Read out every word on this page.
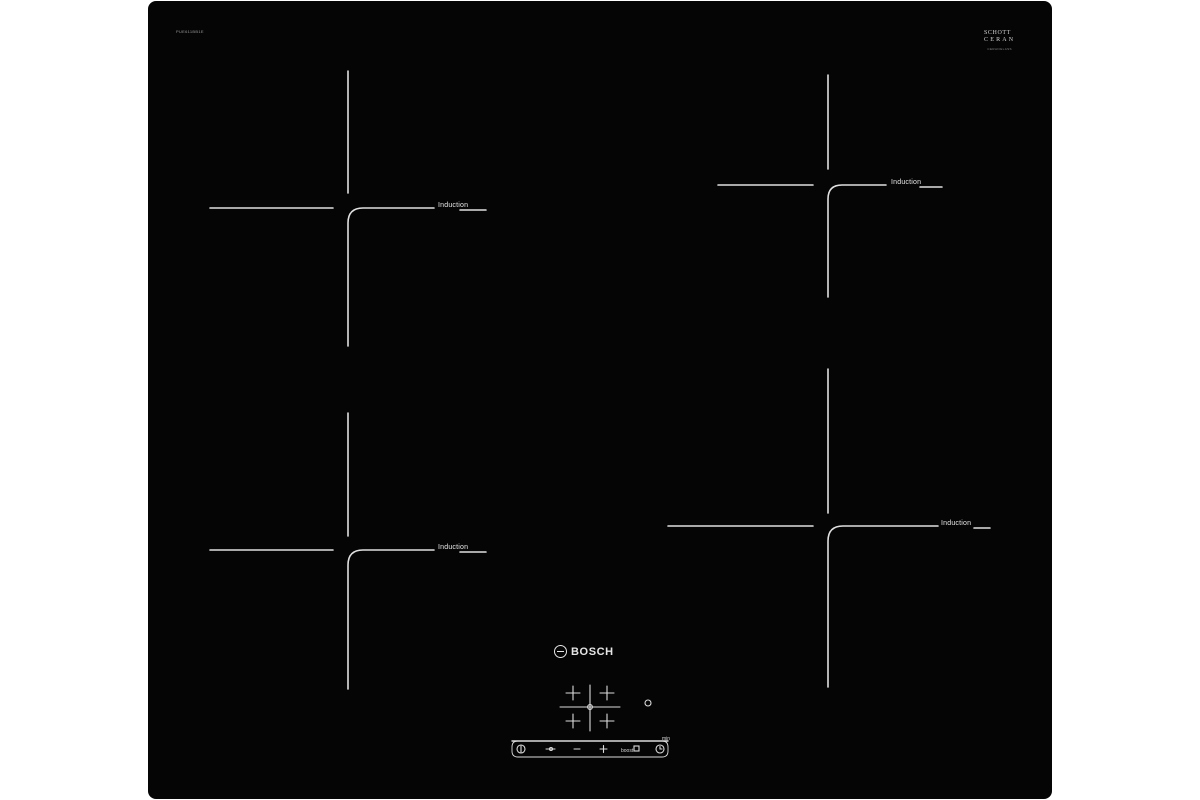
PUE611BB1E	SCHOTT
CERAN
CERANGLASS
Induction
Induction
Induction
Induction
BOSCH
boost
min
